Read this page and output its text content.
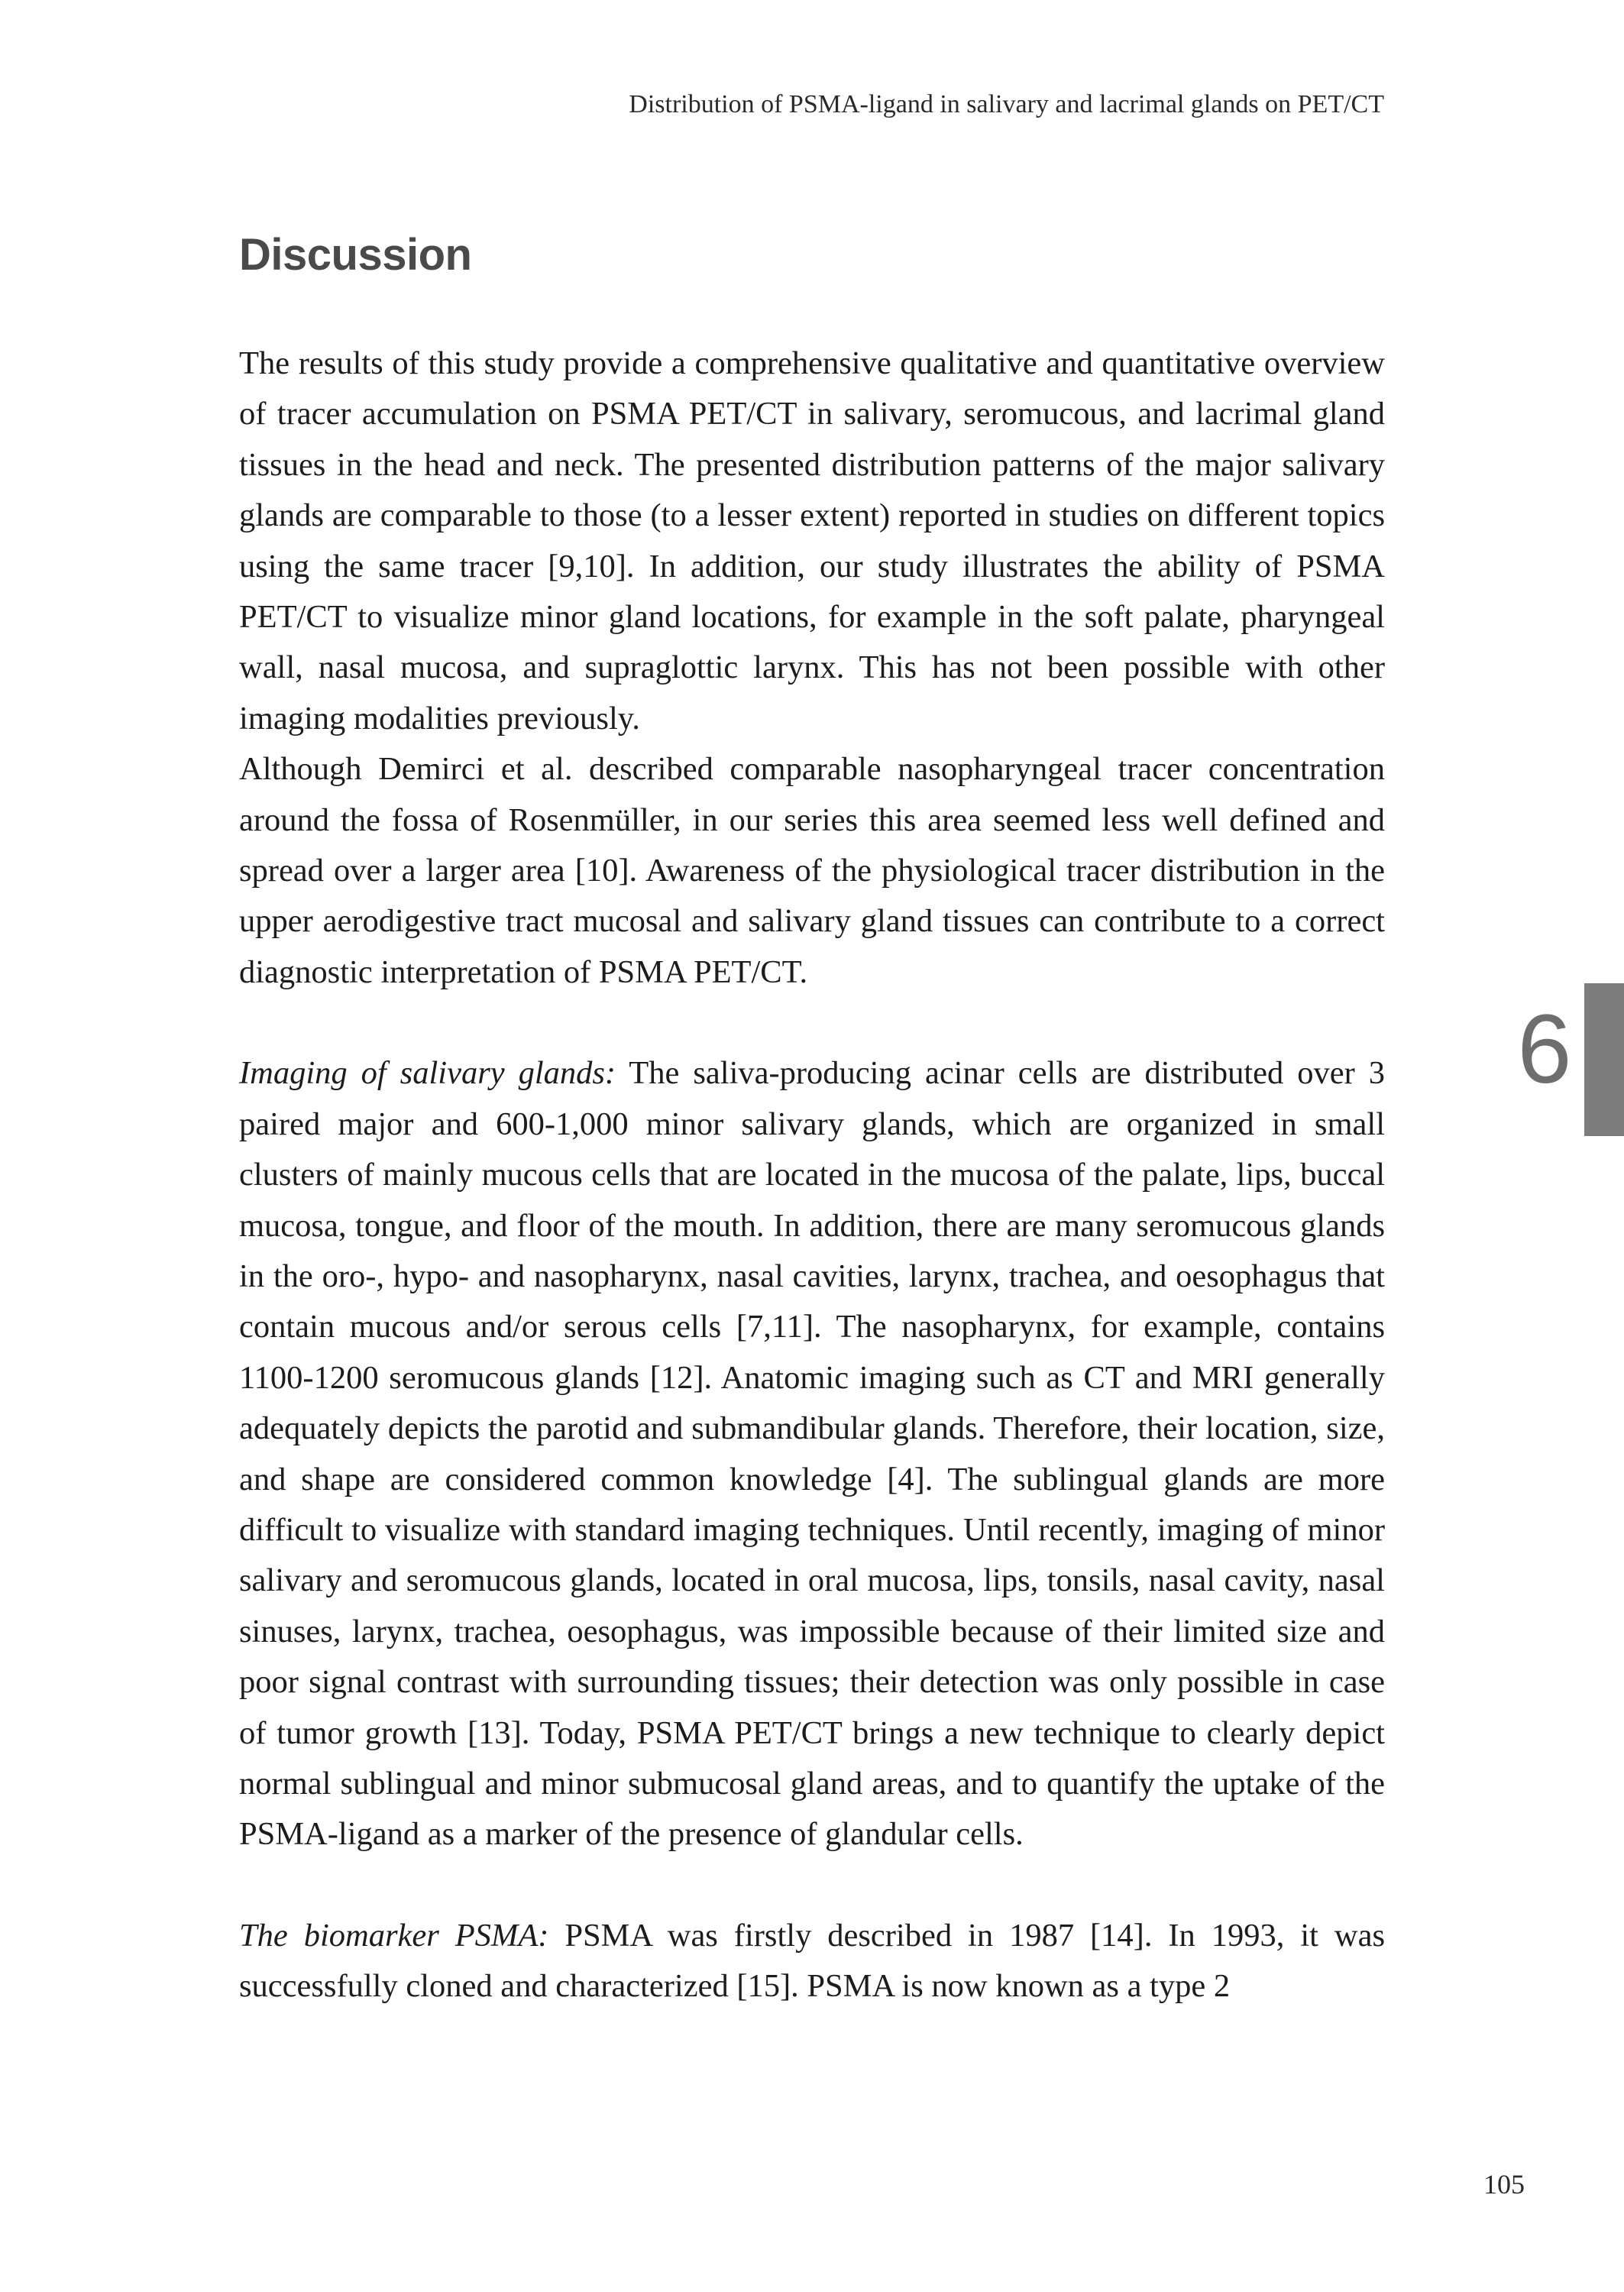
Distribution of PSMA-ligand in salivary and lacrimal glands on PET/CT
Discussion

The results of this study provide a comprehensive qualitative and quantitative overview of tracer accumulation on PSMA PET/CT in salivary, seromucous, and lacrimal gland tissues in the head and neck. The presented distribution patterns of the major salivary glands are comparable to those (to a lesser extent) reported in studies on different topics using the same tracer [9,10]. In addition, our study illustrates the ability of PSMA PET/CT to visualize minor gland locations, for example in the soft palate, pharyngeal wall, nasal mucosa, and supraglottic larynx. This has not been possible with other imaging modalities previously.

Although Demirci et al. described comparable nasopharyngeal tracer concentration around the fossa of Rosenmüller, in our series this area seemed less well defined and spread over a larger area [10]. Awareness of the physiological tracer distribution in the upper aerodigestive tract mucosal and salivary gland tissues can contribute to a correct diagnostic interpretation of PSMA PET/CT.

Imaging of salivary glands: The saliva-producing acinar cells are distributed over 3 paired major and 600-1,000 minor salivary glands, which are organized in small clusters of mainly mucous cells that are located in the mucosa of the palate, lips, buccal mucosa, tongue, and floor of the mouth. In addition, there are many seromucous glands in the oro-, hypo- and nasopharynx, nasal cavities, larynx, trachea, and oesophagus that contain mucous and/or serous cells [7,11]. The nasopharynx, for example, contains 1100-1200 seromucous glands [12]. Anatomic imaging such as CT and MRI generally adequately depicts the parotid and submandibular glands. Therefore, their location, size, and shape are considered common knowledge [4]. The sublingual glands are more difficult to visualize with standard imaging techniques. Until recently, imaging of minor salivary and seromucous glands, located in oral mucosa, lips, tonsils, nasal cavity, nasal sinuses, larynx, trachea, oesophagus, was impossible because of their limited size and poor signal contrast with surrounding tissues; their detection was only possible in case of tumor growth [13]. Today, PSMA PET/CT brings a new technique to clearly depict normal sublingual and minor submucosal gland areas, and to quantify the uptake of the PSMA-ligand as a marker of the presence of glandular cells.

The biomarker PSMA: PSMA was firstly described in 1987 [14]. In 1993, it was successfully cloned and characterized [15]. PSMA is now known as a type 2

6
105
